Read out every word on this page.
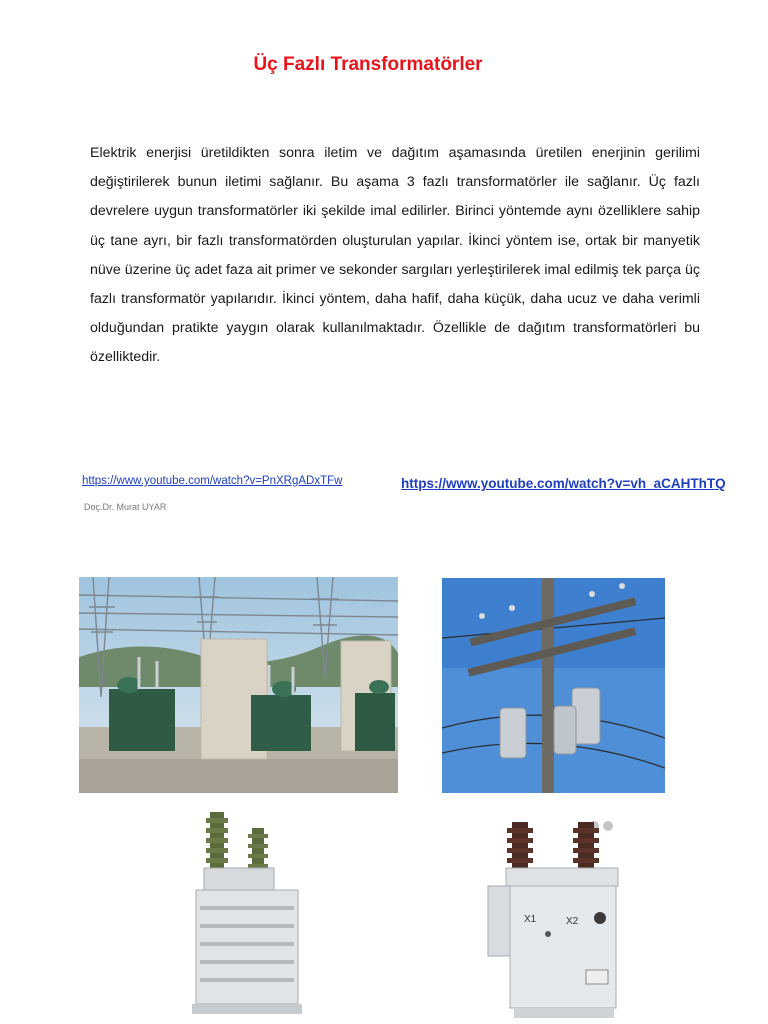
Üç Fazlı Transformatörler
Elektrik enerjisi üretildikten sonra iletim ve dağıtım aşamasında üretilen enerjinin gerilimi değiştirilerek bunun iletimi sağlanır. Bu aşama 3 fazlı transformatörler ile sağlanır. Üç fazlı devrelere uygun transformatörler iki şekilde imal edilirler. Birinci yöntemde aynı özelliklere sahip üç tane ayrı, bir fazlı transformatörden oluşturulan yapılar. İkinci yöntem ise, ortak bir manyetik nüve üzerine üç adet faza ait primer ve sekonder sargıları yerleştirilerek imal edilmiş tek parça üç fazlı transformatör yapılarıdır. İkinci yöntem, daha hafif, daha küçük, daha ucuz ve daha verimli olduğundan pratikte yaygın olarak kullanılmaktadır. Özellikle de dağıtım transformatörleri bu özelliktedir.
https://www.youtube.com/watch?v=PnXRgADxTFw
Doç.Dr. Murat UYAR
https://www.youtube.com/watch?v=vh_aCAHThTQ
X1	X2
